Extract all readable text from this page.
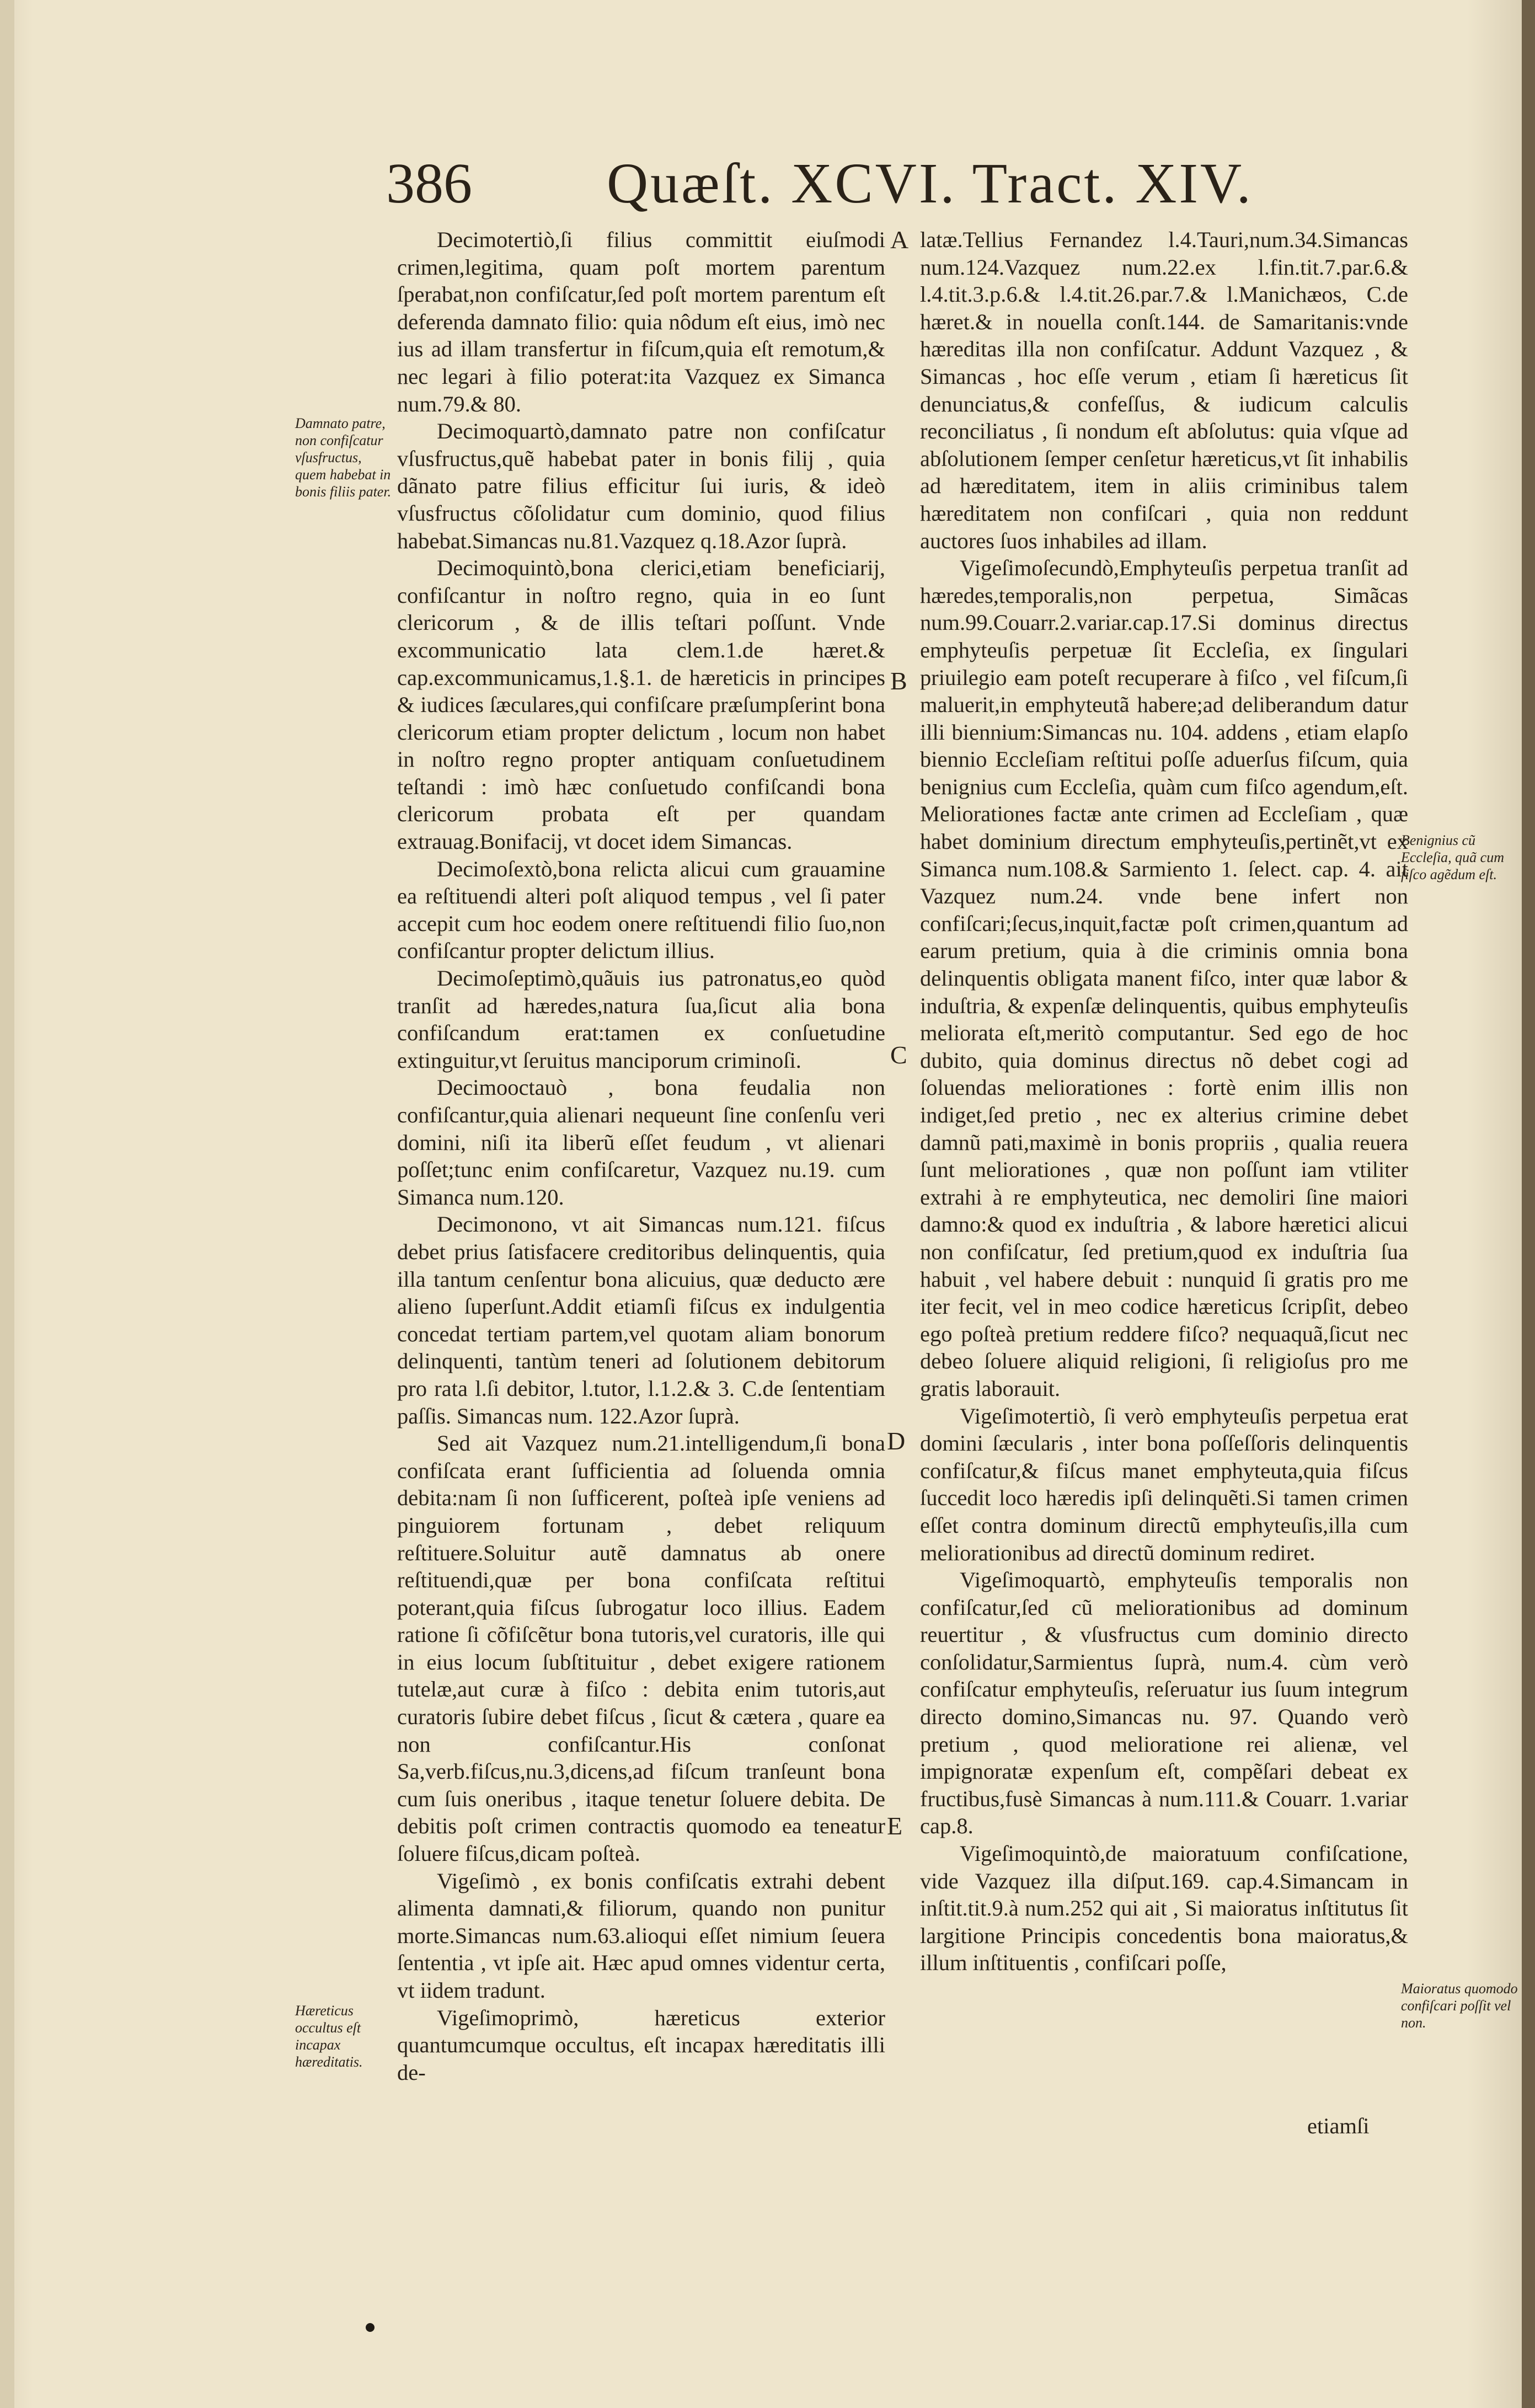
386 Quæſt. XCVI. Tract. XIV.

Decimotertiò,ſi filius committit eiuſmodi crimen,legitima, quam poſt mortem parentum ſperabat,non confiſcatur,ſed poſt mortem parentum eſt deferenda damnato filio: quia nôdum eſt eius, imò nec ius ad illam transfertur in fiſcum,quia eſt remotum,& nec legari à filio poterat:ita Vazquez ex Simanca num.79.& 80.

Decimoquartò,damnato patre non confiſcatur vſusfructus,quẽ habebat pater in bonis filij , quia dãnato patre filius efficitur ſui iuris, & ideò vſusfructus cõſolidatur cum dominio, quod filius habebat.Simancas nu.81.Vazquez q.18.Azor ſuprà.

Decimoquintò,bona clerici,etiam beneficiarij, confiſcantur in noſtro regno, quia in eo ſunt clericorum , & de illis teſtari poſſunt. Vnde excommunicatio lata clem.1.de hæret.& cap.excommunicamus,1.§.1. de hæreticis in principes & iudices ſæculares,qui confiſcare præſumpſerint bona clericorum etiam propter delictum , locum non habet in noſtro regno propter antiquam conſuetudinem teſtandi : imò hæc conſuetudo confiſcandi bona clericorum probata eſt per quandam extrauag.Bonifacij, vt docet idem Simancas.

Decimoſextò,bona relicta alicui cum grauamine ea reſtituendi alteri poſt aliquod tempus , vel ſi pater accepit cum hoc eodem onere reſtituendi filio ſuo,non confiſcantur propter delictum illius.

Decimoſeptimò,quãuis ius patronatus,eo quòd tranſit ad hæredes,natura ſua,ſicut alia bona confiſcandum erat:tamen ex conſuetudine extinguitur,vt ſeruitus manciporum criminoſi.

Decimooctauò , bona feudalia non confiſcantur,quia alienari nequeunt ſine conſenſu veri domini, niſi ita liberũ eſſet feudum , vt alienari poſſet;tunc enim confiſcaretur, Vazquez nu.19. cum Simanca num.120.

Decimonono, vt ait Simancas num.121. fiſcus debet prius ſatisfacere creditoribus delinquentis, quia illa tantum cenſentur bona alicuius, quæ deducto ære alieno ſuperſunt.Addit etiamſi fiſcus ex indulgentia concedat tertiam partem,vel quotam aliam bonorum delinquenti, tantùm teneri ad ſolutionem debitorum pro rata l.ſi debitor, l.tutor, l.1.2.& 3. C.de ſententiam paſſis. Simancas num. 122.Azor ſuprà.

Sed ait Vazquez num.21.intelligendum,ſi bona confiſcata erant ſufficientia ad ſoluenda omnia debita:nam ſi non ſufficerent, poſteà ipſe veniens ad pinguiorem fortunam , debet reliquum reſtituere.Soluitur autẽ damnatus ab onere reſtituendi,quæ per bona confiſcata reſtitui poterant,quia fiſcus ſubrogatur loco illius. Eadem ratione ſi cõfiſcẽtur bona tutoris,vel curatoris, ille qui in eius locum ſubſtituitur , debet exigere rationem tutelæ,aut curæ à fiſco : debita enim tutoris,aut curatoris ſubire debet fiſcus , ſicut & cætera , quare ea non confiſcantur.His conſonat Sa,verb.fiſcus,nu.3,dicens,ad fiſcum tranſeunt bona cum ſuis oneribus , itaque tenetur ſoluere debita. De debitis poſt crimen contractis quomodo ea teneatur ſoluere fiſcus,dicam poſteà.

Vigeſimò , ex bonis confiſcatis extrahi debent alimenta damnati,& filiorum, quando non punitur morte.Simancas num.63.alioqui eſſet nimium ſeuera ſententia , vt ipſe ait. Hæc apud omnes videntur certa, vt iidem tradunt.

Vigeſimoprimò, hæreticus exterior quantumcumque occultus, eſt incapax hæreditatis illi de-

latæ.Tellius Fernandez l.4.Tauri,num.34.Simancas num.124.Vazquez num.22.ex l.fin.tit.7.par.6.& l.4.tit.3.p.6.& l.4.tit.26.par.7.& l.Manichæos, C.de hæret.& in nouella conſt.144. de Samaritanis:vnde hæreditas illa non confiſcatur. Addunt Vazquez , & Simancas , hoc eſſe verum , etiam ſi hæreticus ſit denunciatus,& confeſſus, & iudicum calculis reconciliatus , ſi nondum eſt abſolutus: quia vſque ad abſolutionem ſemper cenſetur hæreticus,vt ſit inhabilis ad hæreditatem, item in aliis criminibus talem hæreditatem non confiſcari , quia non reddunt auctores ſuos inhabiles ad illam.

Vigeſimoſecundò,Emphyteuſis perpetua tranſit ad hæredes,temporalis,non perpetua, Simãcas num.99.Couarr.2.variar.cap.17.Si dominus directus emphyteuſis perpetuæ ſit Eccleſia, ex ſingulari priuilegio eam poteſt recuperare à fiſco , vel fiſcum,ſi maluerit,in emphyteutã habere;ad deliberandum datur illi biennium:Simancas nu. 104. addens , etiam elapſo biennio Eccleſiam reſtitui poſſe aduerſus fiſcum, quia benignius cum Eccleſia, quàm cum fiſco agendum,eſt. Meliorationes factæ ante crimen ad Eccleſiam , quæ habet dominium directum emphyteuſis,pertinẽt,vt ex Simanca num.108.& Sarmiento 1. ſelect. cap. 4. ait Vazquez num.24. vnde bene infert non confiſcari;ſecus,inquit,factæ poſt crimen,quantum ad earum pretium, quia à die criminis omnia bona delinquentis obligata manent fiſco, inter quæ labor & induſtria, & expenſæ delinquentis, quibus emphyteuſis meliorata eſt,meritò computantur. Sed ego de hoc dubito, quia dominus directus nõ debet cogi ad ſoluendas meliorationes : fortè enim illis non indiget,ſed pretio , nec ex alterius crimine debet damnũ pati,maximè in bonis propriis , qualia reuera ſunt meliorationes , quæ non poſſunt iam vtiliter extrahi à re emphyteutica, nec demoliri ſine maiori damno:& quod ex induſtria , & labore hæretici alicui non confiſcatur, ſed pretium,quod ex induſtria ſua habuit , vel habere debuit : nunquid ſi gratis pro me iter fecit, vel in meo codice hæreticus ſcripſit, debeo ego poſteà pretium reddere fiſco? nequaquã,ſicut nec debeo ſoluere aliquid religioni, ſi religioſus pro me gratis laborauit.

Vigeſimotertiò, ſi verò emphyteuſis perpetua erat domini ſæcularis , inter bona poſſeſſoris delinquentis confiſcatur,& fiſcus manet emphyteuta,quia fiſcus ſuccedit loco hæredis ipſi delinquẽti.Si tamen crimen eſſet contra dominum directũ emphyteuſis,illa cum meliorationibus ad directũ dominum rediret.

Vigeſimoquartò, emphyteuſis temporalis non confiſcatur,ſed cũ meliorationibus ad dominum reuertitur , & vſusfructus cum dominio directo conſolidatur,Sarmientus ſuprà, num.4. cùm verò confiſcatur emphyteuſis, reſeruatur ius ſuum integrum directo domino,Simancas nu. 97. Quando verò pretium , quod melioratione rei alienæ, vel impignoratæ expenſum eſt, compẽſari debeat ex fructibus,fusè Simancas à num.111.& Couarr. 1.variar cap.8.

Vigeſimoquintò,de maioratuum confiſcatione, vide Vazquez illa diſput.169. cap.4.Simancam in inſtit.tit.9.à num.252 qui ait , Si maioratus inſtitutus ſit largitione Principis concedentis bona maioratus,& illum inſtituentis , confiſcari poſſe,

etiamſi
A
B
C
D
E
Damnato patre, non confiſcatur vſusfructus, quem habebat in bonis filiis pater.
Hæreticus occultus eſt incapax hæreditatis.
Benignius cũ Eccleſia, quã cum fiſco agẽdum eſt.
Maioratus quomodo confiſcari poſſit vel non.
